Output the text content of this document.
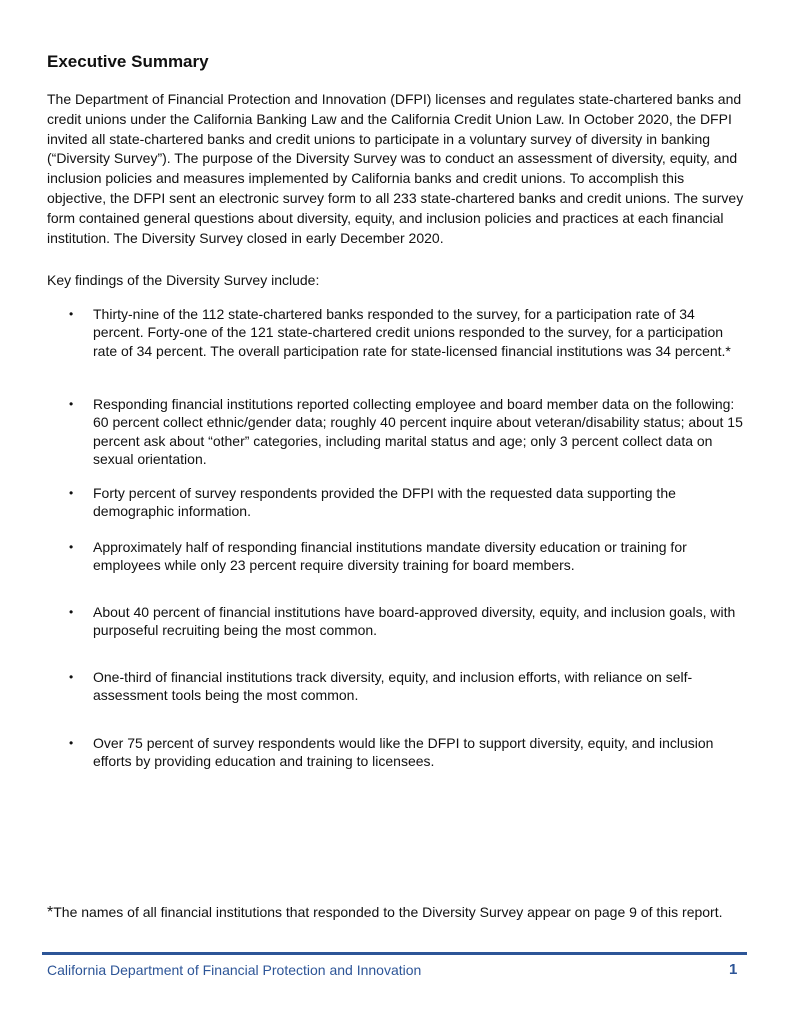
Executive Summary

The Department of Financial Protection and Innovation (DFPI) licenses and regulates state-chartered banks and credit unions under the California Banking Law and the California Credit Union Law. In October 2020, the DFPI invited all state-chartered banks and credit unions to participate in a voluntary survey of diversity in banking (“Diversity Survey”). The purpose of the Diversity Survey was to conduct an assessment of diversity, equity, and inclusion policies and measures implemented by California banks and credit unions. To accomplish this objective, the DFPI sent an electronic survey form to all 233 state-chartered banks and credit unions. The survey form contained general questions about diversity, equity, and inclusion policies and practices at each financial institution. The Diversity Survey closed in early December 2020.

Key findings of the Diversity Survey include:

• Thirty-nine of the 112 state-chartered banks responded to the survey, for a participation rate of 34 percent. Forty-one of the 121 state-chartered credit unions responded to the survey, for a participation rate of 34 percent. The overall participation rate for state-licensed financial institutions was 34 percent.*
• Responding financial institutions reported collecting employee and board member data on the following: 60 percent collect ethnic/gender data; roughly 40 percent inquire about veteran/disability status; about 15 percent ask about “other” categories, including marital status and age; only 3 percent collect data on sexual orientation.
• Forty percent of survey respondents provided the DFPI with the requested data supporting the demographic information.
• Approximately half of responding financial institutions mandate diversity education or training for employees while only 23 percent require diversity training for board members.
• About 40 percent of financial institutions have board-approved diversity, equity, and inclusion goals, with purposeful recruiting being the most common.
• One-third of financial institutions track diversity, equity, and inclusion efforts, with reliance on self-assessment tools being the most common.
• Over 75 percent of survey respondents would like the DFPI to support diversity, equity, and inclusion efforts by providing education and training to licensees.

*The names of all financial institutions that responded to the Diversity Survey appear on page 9 of this report.

California Department of Financial Protection and Innovation	1
